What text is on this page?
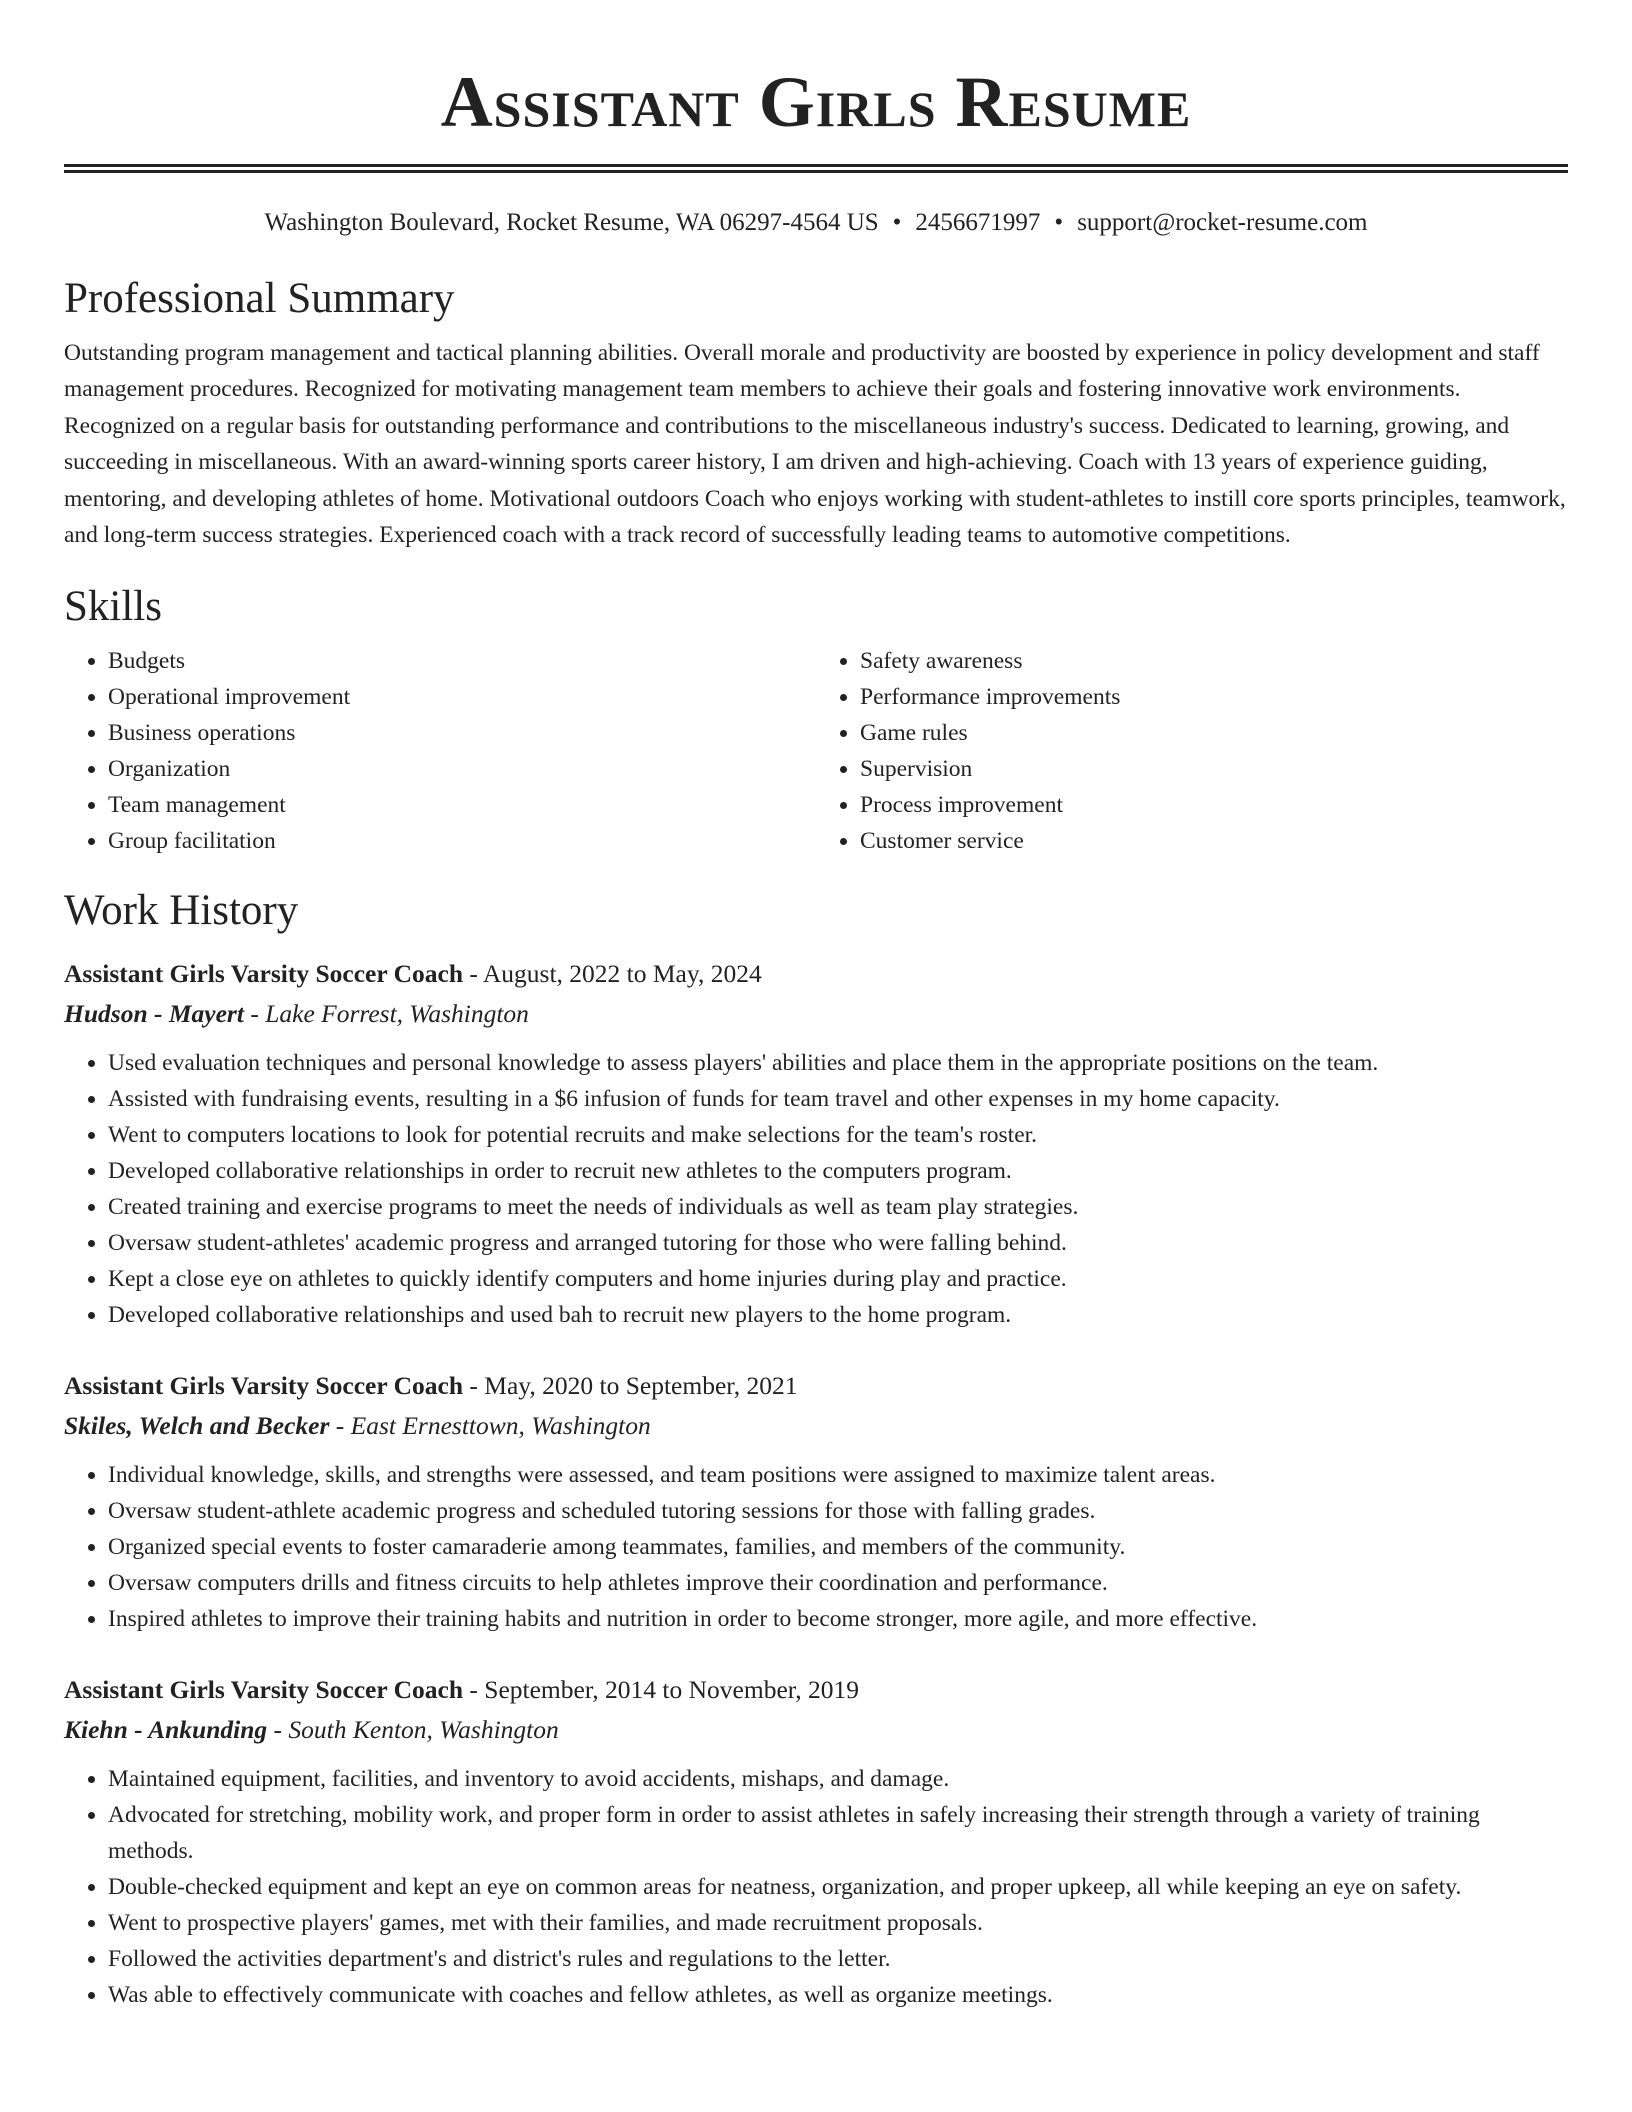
Assistant Girls Resume
Washington Boulevard, Rocket Resume, WA 06297-4564 US • 2456671997 • support@rocket-resume.com
Professional Summary

Outstanding program management and tactical planning abilities. Overall morale and productivity are boosted by experience in policy development and staff management procedures. Recognized for motivating management team members to achieve their goals and fostering innovative work environments. Recognized on a regular basis for outstanding performance and contributions to the miscellaneous industry's success. Dedicated to learning, growing, and succeeding in miscellaneous. With an award-winning sports career history, I am driven and high-achieving. Coach with 13 years of experience guiding, mentoring, and developing athletes of home. Motivational outdoors Coach who enjoys working with student-athletes to instill core sports principles, teamwork, and long-term success strategies. Experienced coach with a track record of successfully leading teams to automotive competitions.

Skills
• Budgets
• Operational improvement
• Business operations
• Organization
• Team management
• Group facilitation
• Safety awareness
• Performance improvements
• Game rules
• Supervision
• Process improvement
• Customer service
Work History
Assistant Girls Varsity Soccer Coach - August, 2022 to May, 2024
Hudson - Mayert - Lake Forrest, Washington
• Used evaluation techniques and personal knowledge to assess players' abilities and place them in the appropriate positions on the team.
• Assisted with fundraising events, resulting in a $6 infusion of funds for team travel and other expenses in my home capacity.
• Went to computers locations to look for potential recruits and make selections for the team's roster.
• Developed collaborative relationships in order to recruit new athletes to the computers program.
• Created training and exercise programs to meet the needs of individuals as well as team play strategies.
• Oversaw student-athletes' academic progress and arranged tutoring for those who were falling behind.
• Kept a close eye on athletes to quickly identify computers and home injuries during play and practice.
• Developed collaborative relationships and used bah to recruit new players to the home program.
Assistant Girls Varsity Soccer Coach - May, 2020 to September, 2021
Skiles, Welch and Becker - East Ernesttown, Washington
• Individual knowledge, skills, and strengths were assessed, and team positions were assigned to maximize talent areas.
• Oversaw student-athlete academic progress and scheduled tutoring sessions for those with falling grades.
• Organized special events to foster camaraderie among teammates, families, and members of the community.
• Oversaw computers drills and fitness circuits to help athletes improve their coordination and performance.
• Inspired athletes to improve their training habits and nutrition in order to become stronger, more agile, and more effective.
Assistant Girls Varsity Soccer Coach - September, 2014 to November, 2019
Kiehn - Ankunding - South Kenton, Washington
• Maintained equipment, facilities, and inventory to avoid accidents, mishaps, and damage.
• Advocated for stretching, mobility work, and proper form in order to assist athletes in safely increasing their strength through a variety of training methods.
• Double-checked equipment and kept an eye on common areas for neatness, organization, and proper upkeep, all while keeping an eye on safety.
• Went to prospective players' games, met with their families, and made recruitment proposals.
• Followed the activities department's and district's rules and regulations to the letter.
• Was able to effectively communicate with coaches and fellow athletes, as well as organize meetings.
